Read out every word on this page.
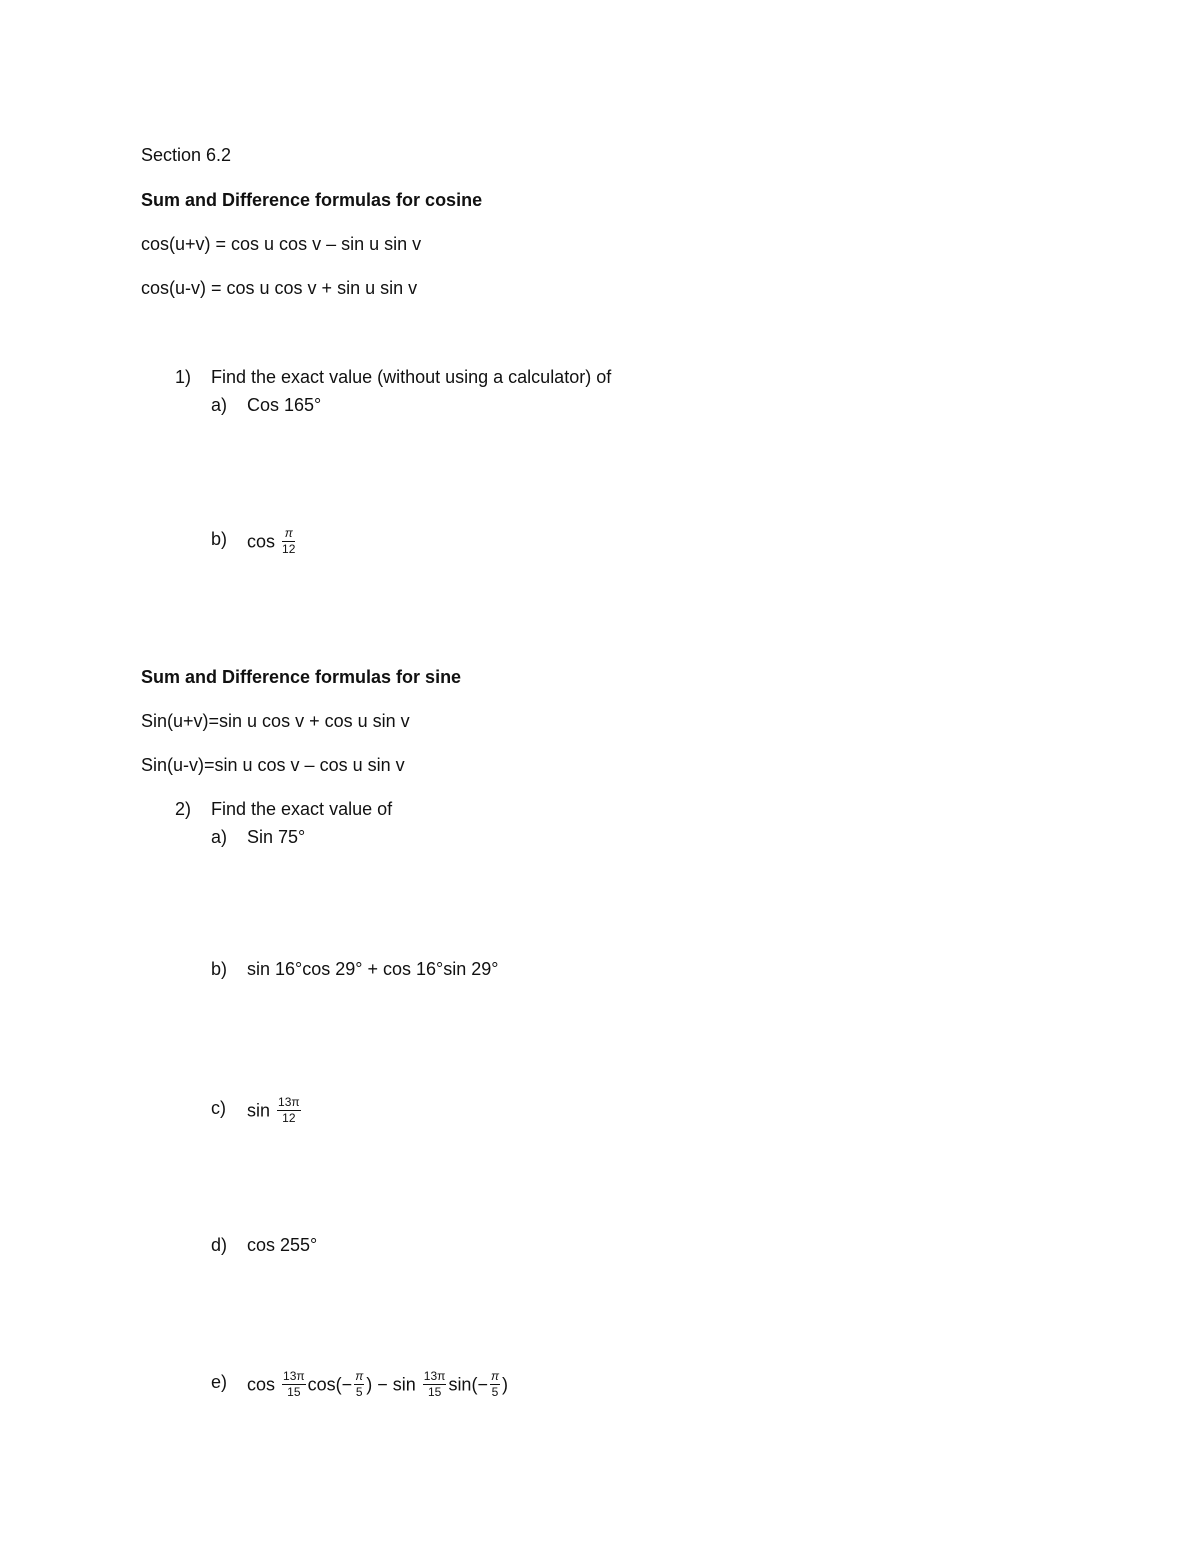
Section 6.2
Sum and Difference formulas for cosine
cos(u+v) = cos u cos v – sin u sin v
cos(u-v) = cos u cos v + sin u sin v
1) Find the exact value (without using a calculator) of
a) Cos 165°
b) $\cos \frac{\pi}{12}$
Sum and Difference formulas for sine
Sin(u+v)=sin u cos v + cos u sin v
Sin(u-v)=sin u cos v – cos u sin v
2) Find the exact value of
a) Sin 75°
b) sin 16°cos 29° + cos 16°sin 29°
c) $\sin \frac{13\pi}{12}$
d) cos 255°
e) $\cos \frac{13\pi}{15} \cos(- \frac{\pi}{5}$ ) − $\sin \frac{13\pi}{15} \sin(- \frac{\pi}{5}$ )
